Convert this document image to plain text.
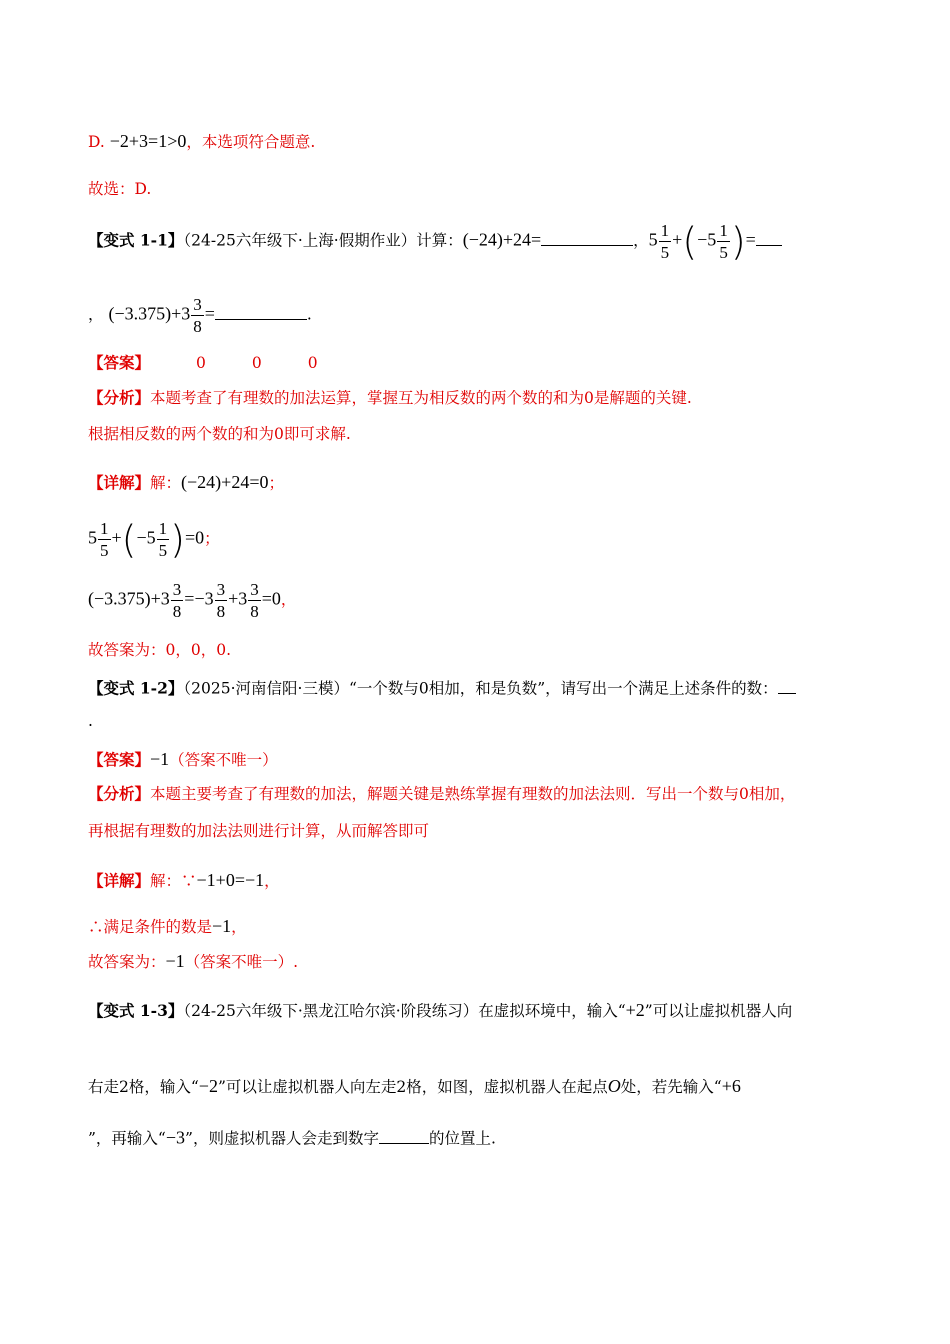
D. −2+3=1>0，本选项符合题意.
故选：D.
【变式 1-1】（24-25六年级下·上海·假期作业）计算：(−24)+24=	，$5 \frac{1}{5} +(-5 \frac{1}{5}$ )=
， $(-3.375)+3 \frac{3}{8}$ =	.
【答案】	0	0	0
【分析】本题考查了有理数的加法运算，掌握互为相反数的两个数的和为0是解题的关键.
根据相反数的两个数的和为0即可求解.
【详解】解：(−24)+24=0；
$5 \frac{1}{5} +(-5 \frac{1}{5} )=0$；
$(-3.375)+3 \frac{3}{8} =-3 \frac{3}{8} +3 \frac{3}{8} =0$，
故答案为：0，0，0.
【变式 1-2】（2025·河南信阳·三模）“一个数与0相加，和是负数”，请写出一个满足上述条件的数：
.
【答案】−1（答案不唯一）
【分析】本题主要考查了有理数的加法，解题关键是熟练掌握有理数的加法法则．写出一个数与0相加，
再根据有理数的加法法则进行计算，从而解答即可
【详解】解：∵−1+0=−1，
∴满足条件的数是−1，
故答案为：−1（答案不唯一）.
【变式 1-3】（24-25六年级下·黑龙江哈尔滨·阶段练习）在虚拟环境中，输入“+2”可以让虚拟机器人向
右走2格，输入“−2”可以让虚拟机器人向左走2格，如图，虚拟机器人在起点O处，若先输入“+6
”，再输入“−3”，则虚拟机器人会走到数字	的位置上.
